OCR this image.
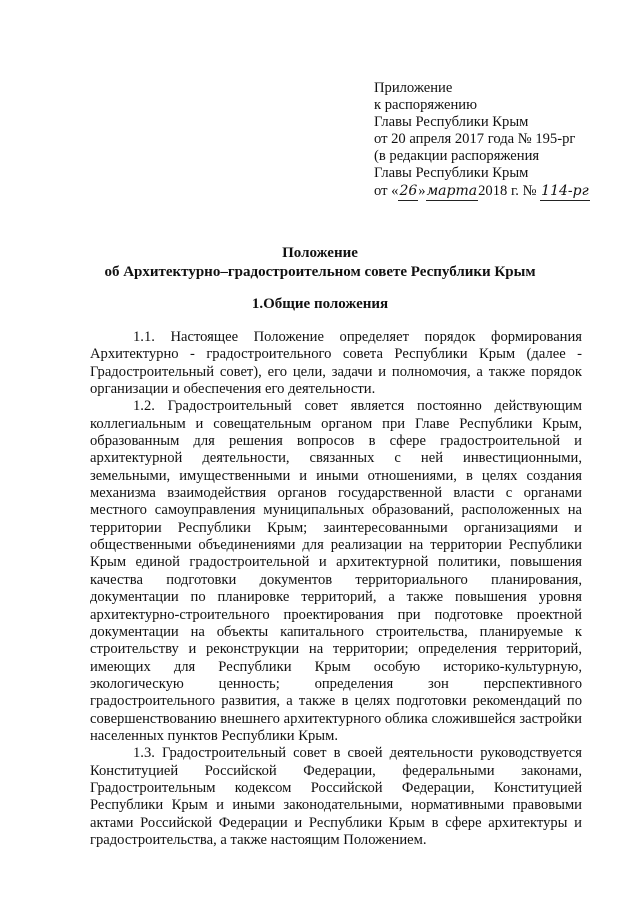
Приложение
к распоряжению
Главы Республики Крым
от 20 апреля 2017 года № 195-рг
(в редакции распоряжения
Главы Республики Крым
от «26»марта2018 г. № 114-рг
Положение
об Архитектурно–градостроительном совете Республики Крым
1.Общие положения

1.1. Настоящее Положение определяет порядок формирования Архитектурно - градостроительного совета Республики Крым (далее - Градостроительный совет), его цели, задачи и полномочия, а также порядок организации и обеспечения его деятельности.

1.2. Градостроительный совет является постоянно действующим коллегиальным и совещательным органом при Главе Республики Крым, образованным для решения вопросов в сфере градостроительной и архитектурной деятельности, связанных с ней инвестиционными, земельными, имущественными и иными отношениями, в целях создания механизма взаимодействия органов государственной власти с органами местного самоуправления муниципальных образований, расположенных на территории Республики Крым; заинтересованными организациями и общественными объединениями для реализации на территории Республики Крым единой градостроительной и архитектурной политики, повышения качества подготовки документов территориального планирования, документации по планировке территорий, а также повышения уровня архитектурно-строительного проектирования при подготовке проектной документации на объекты капитального строительства, планируемые к строительству и реконструкции на территории; определения территорий, имеющих для Республики Крым особую историко-культурную, экологическую ценность; определения зон перспективного градостроительного развития, а также в целях подготовки рекомендаций по совершенствованию внешнего архитектурного облика сложившейся застройки населенных пунктов Республики Крым.

1.3. Градостроительный совет в своей деятельности руководствуется Конституцией Российской Федерации, федеральными законами, Градостроительным кодексом Российской Федерации, Конституцией Республики Крым и иными законодательными, нормативными правовыми актами Российской Федерации и Республики Крым в сфере архитектуры и градостроительства, а также настоящим Положением.
